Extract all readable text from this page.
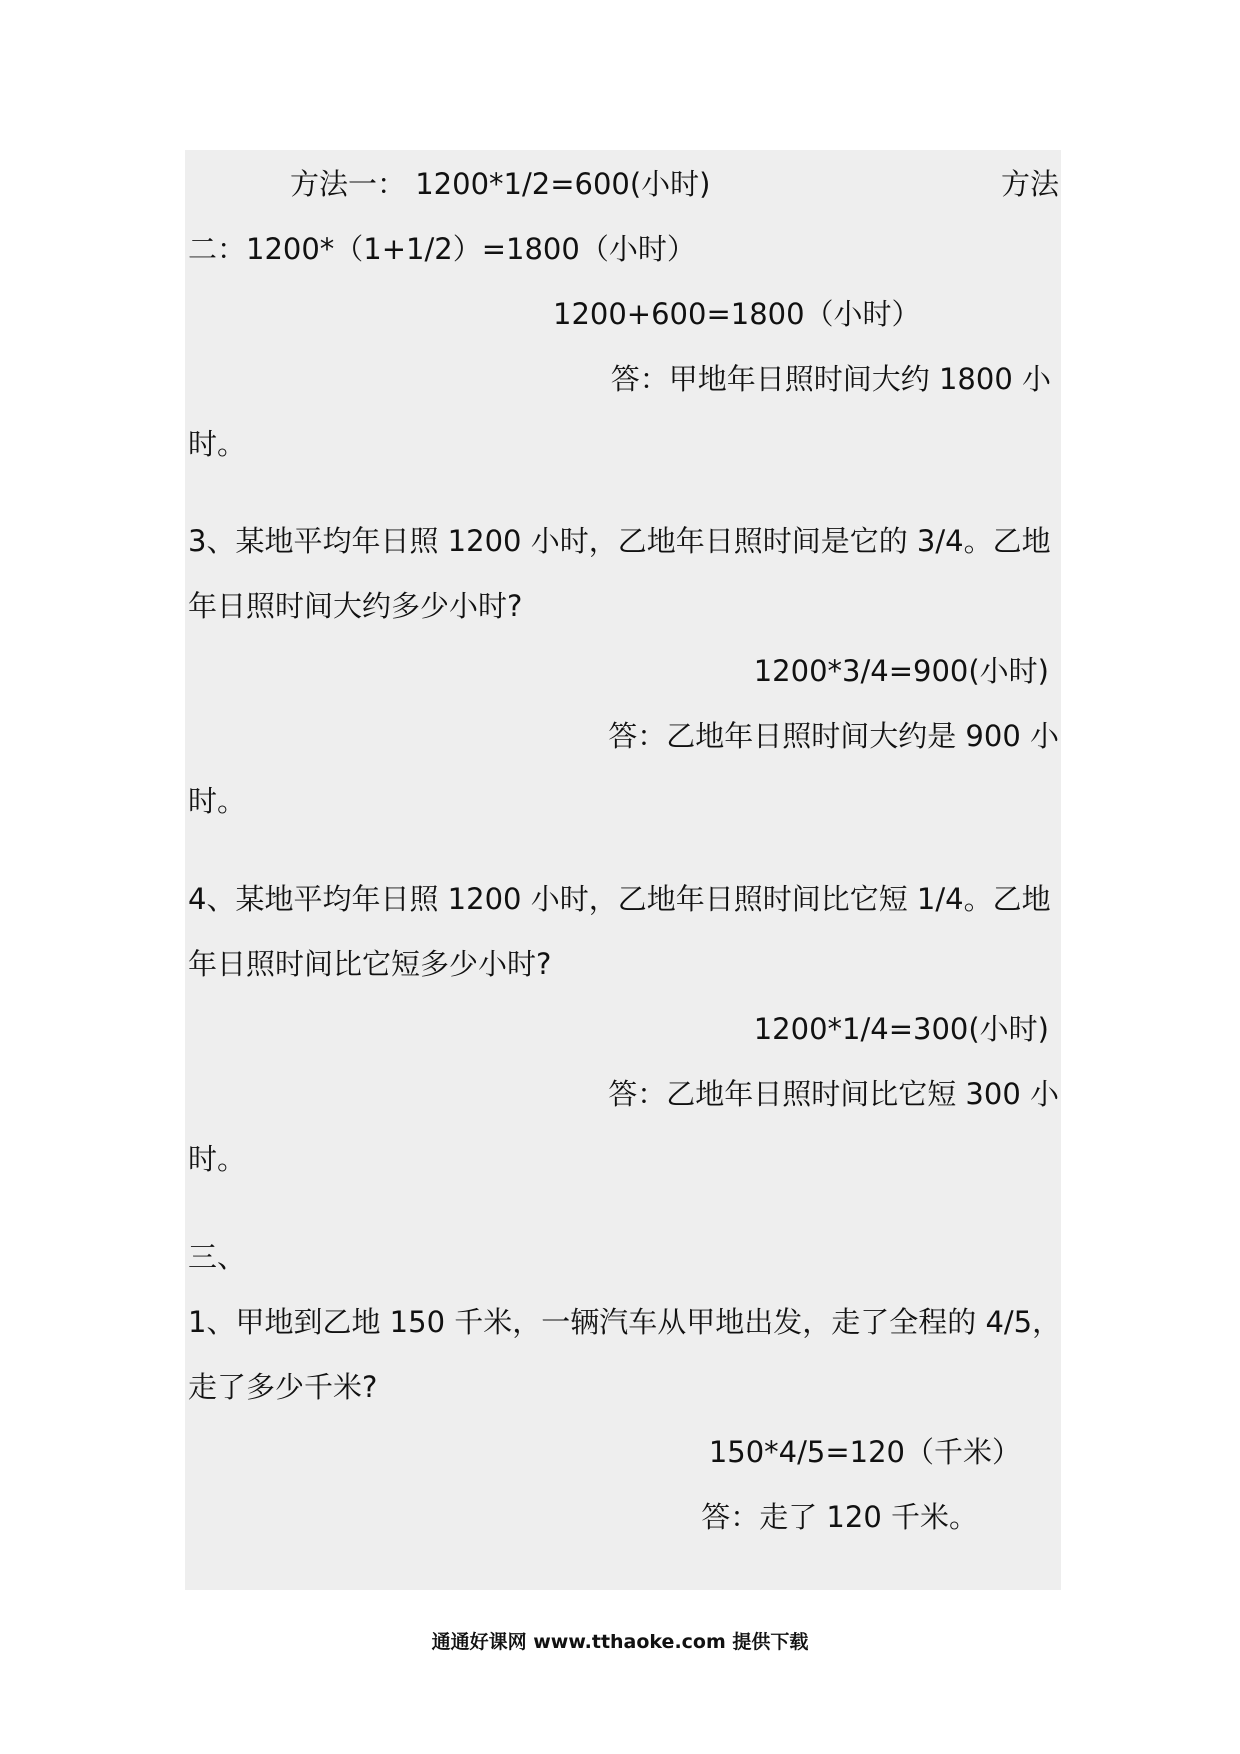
方法一： 1200*1/2=600(小时)	方法

二：1200*（1+1/2）=1800（小时）

1200+600=1800（小时）

答：甲地年日照时间大约 1800 小

时。

3、某地平均年日照 1200 小时，乙地年日照时间是它的 3/4。乙地

年日照时间大约多少小时?

1200*3/4=900(小时)

答：乙地年日照时间大约是 900 小

时。

4、某地平均年日照 1200 小时，乙地年日照时间比它短 1/4。乙地

年日照时间比它短多少小时?

1200*1/4=300(小时)

答：乙地年日照时间比它短 300 小

时。

三、

1、甲地到乙地 150 千米，一辆汽车从甲地出发，走了全程的 4/5，

走了多少千米?

150*4/5=120（千米）

答：走了 120 千米。

通通好课网 www.tthaoke.com 提供下载
